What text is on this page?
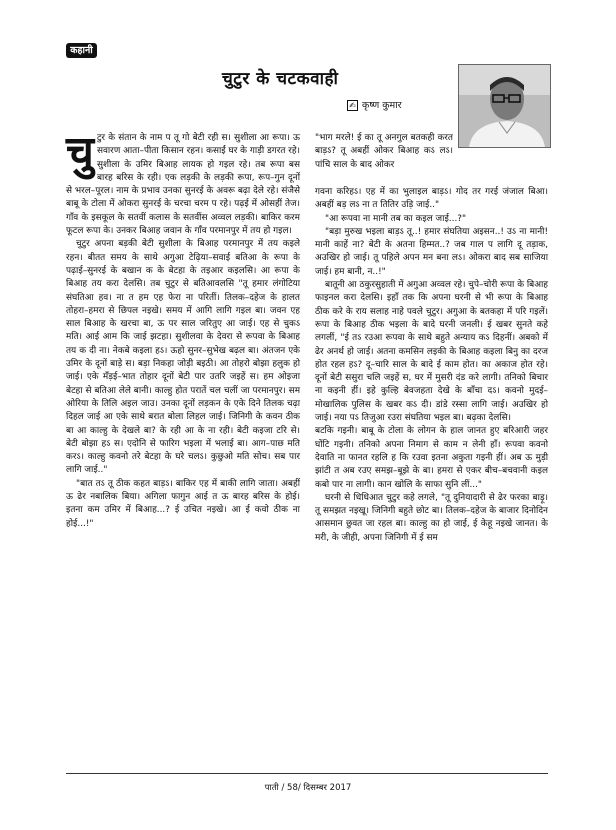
कहानी
चुटुर के चटकवाही
✍ कृष्ण कुमार

चुटुर के संतान के नाम प तू गो बेटी रही स। सुशीला आ रूपा। ऊ सवारण आता–पीता किसान रहन। कसाईं घर के गाड़ी डगरत रहे। सुशीला के उमिर बिआह लायक हो गइल रहे। तब रूपा बस बारह बरिस के रही। एक लड़की के लड़की रूपा, रूप–गुन दूनों से भरल–पूरल। नाम के प्रभाव उनका सुनरई के अवरू बढ़ा देले रहे। संजैसे बाबू के टोला में ओकरा सुनरई के चरचा चरम प रहे। पढ़ई में ओसहीं तेज। गाँव के इसकूल के सतवीं कलास के सतवींस अव्वल लड़की। बाकिर करम फूटल रूपा के। उनकर बिआह जवान के गाँव परमानपुर में तय हो गइल।

चुटुर अपना बड़की बेटी सुशीला के बिआह परमानपुर में तय कइले रहन। बीतत समय के साथे अगुआ टेढ़िया–सवाई बतिआ के रूपा के पढ़ाई–सुनरई के बखान क के बेटहा के तइआर कइलसि। आ रूपा के बिआह तय करा देलसि। तब चुटुर से बतिआवलसि "तू हमार लंगोटिया संघतिआ हव। ना त हम एह फेरा ना परितीं। तिलक–दहेज के हालत तोहरा–हमरा से छिपल नइखे। समय में आगि लागि गइल बा। जवन एह साल बिआह के खरचा बा, ऊ पर साल जरितुए आ जाई। एह से चुकऽ मति। आई आम कि जाई झटहा। सुशीलवा के देवरा से रूपवा के बिआह तय क दी ना। नेकबे कइला हऽ। ऊहो सुनर–सुभेख बढ़ल बा। अंतजन एके उमिर के दूनों बाड़े स। बड़ा निकहा जोड़ी बइठी। आ तोहरो बोझा हलुक हो जाई। एके मँड़ई–भात तोहार दूनों बेटी पार उतरि जइहें स। हम ओइजा बेटहा से बतिआ लेले बानी। काल्हु होत परातें चल चलीं जा परमानपुर। सम ओरिया के तिलि अइल जाउ। उनका दूनों लड़कन के एके दिने तिलक चढ़ा दिहल जाई आ एके साथे बरात बोला लिहल जाई। जिनिगी के कवन ठीक बा आ काल्हु के देखले बा? के रही आ के ना रही। बेटी कइजा टरि से। बेटी बोझा हऽ स। एदोनि से फारिग भइला में भलाई बा। आग–पाछ मति करऽ। काल्हु कवनो तरे बेटहा के घरे चलऽ। कुछुओ मति सोच। सब पार लागि जाई.."

"बात तऽ तू ठीक कहत बाड़ऽ। बाकिर एह में बाकी लागि जाता। अबहीं ऊ ढेर नबालिक बिया। अगिला फागुन आई त ऊ बारह बरिस के होई। इतना कम उमिर में बिआह...? ई उचित नइखे। आ ई कवो ठीक ना होई...!"

"भाग मरले! ई का तू अनगुल बतकही करत बाड़ऽ? तू अबहीं ओकर बिआह कऽ लऽ। पांचि साल के बाद ओकर

गवना करिहऽ। एह में का भुलाइल बाड़ऽ। गोद तर गरई जंजाल बिआ। अबहीं बड़ लऽ ना त तितिर उड़ि जाई.."

"आ रूपवा ना मानी तब का कइल जाई...?"

"बड़ा मुरुख भइला बाड़ऽ तू..! हमार संघतिया अइसन..! उऽ ना मानी! मानी काहें ना? बेटी के अतना हिम्मत..? जब गाल प लागि दू तड़ाक, अउखिर हो जाई। तू पहिले अपन मन बना लऽ। ओकरा बाद सब साजिया जाई। हम बानी, न..!"

बातूनी आ ठकुरसुहाती में अगुआ अव्वल रहे। चुपे–चोरी रूपा के बिआह फाइनल करा देलसि। इहाँ तक कि अपना घरनी से भी रूपा के बिआह ठीक करे के राय सलाह नाहे पवले चुटुर। अगुआ के बतकहा में परि गइलें। रूपा के बिआह ठीक भइला के बादे घरनी जनली। ई खबर सुनते कहे लगलीं, "ई तऽ रउआ रूपवा के साथे बहुते अन्याय कऽ दिहनीं। अबको में ढेर अनर्थ हो जाई। अतना कमसिन लइकी के बिआह कइला बिनु का दरज होत रहल हऽ? दू–चारि साल के बादे ई काम होत। का अकाज होत रहे। दूनों बेटी ससुरा चलि जइहें स, घर में मुसरी दंड करे लागी। तनिको बिचार ना कइनी हीं। इहे कुल्हि बेवजहता देखे के बाँचा दऽ। कवनो मुदई–मोखालिक पुलिस के खबर कऽ दी। डांडे रस्सा लागि जाई। अउखिर हो जाई। नया पऽ तिजुआ रउरा संघतिया भइल बा। बढ़का देलसि।

बटकि गइनी। बाबू के टोला के लोगन के हाल जानत हुए बरिआरी जहर घोंटि गइनी। तनिको अपना निमाग से काम न लेनी हाँ। रूपवा कवनो देवाति ना फानत रहलि ह कि रउवा इतना अकुता गइनी हीं। अब ऊ मुड़ी झांटी त अब रउए समझ–बूझे के बा। हमरा से एकर बीच–बचवानी कइल कबो पार ना लागी। कान खोलि के साफा सुनि लीं..."

घरनी से धिधिआत चुटुर कहे लगले, "तू दुनियादारी से ढेर फरका बाड़ू। तू समझत नइखू। जिनिगी बहुते छोट बा। तिलक–दहेज के बाजार दिनोदिन आसमान छुवत जा रहल बा। काल्हु का हो जाई, ई केहू नइखे जानत। के मरी, के जीही, अपना जिनिगी में ई सम

पाती / 58/ दिसम्बर 2017
